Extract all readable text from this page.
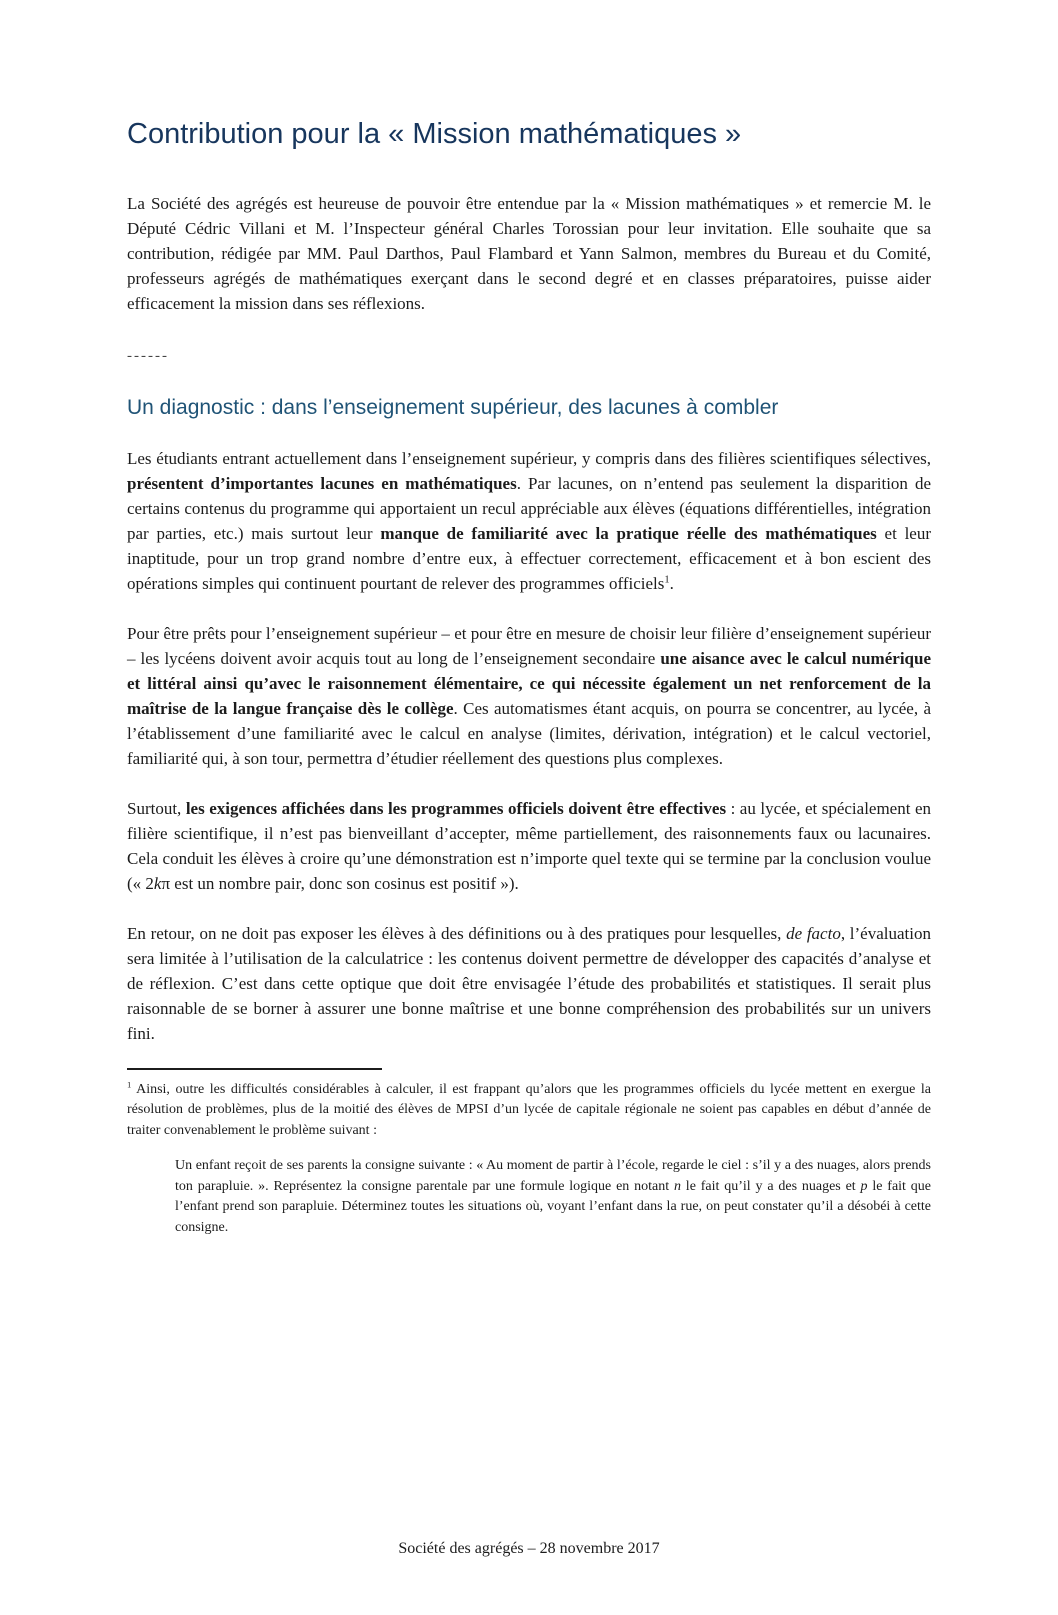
Contribution pour la « Mission mathématiques »

La Société des agrégés est heureuse de pouvoir être entendue par la « Mission mathématiques » et remercie M. le Député Cédric Villani et M. l’Inspecteur général Charles Torossian pour leur invitation. Elle souhaite que sa contribution, rédigée par MM. Paul Darthos, Paul Flambard et Yann Salmon, membres du Bureau et du Comité, professeurs agrégés de mathématiques exerçant dans le second degré et en classes préparatoires, puisse aider efficacement la mission dans ses réflexions.

------
Un diagnostic : dans l’enseignement supérieur, des lacunes à combler

Les étudiants entrant actuellement dans l’enseignement supérieur, y compris dans des filières scientifiques sélectives, présentent d’importantes lacunes en mathématiques. Par lacunes, on n’entend pas seulement la disparition de certains contenus du programme qui apportaient un recul appréciable aux élèves (équations différentielles, intégration par parties, etc.) mais surtout leur manque de familiarité avec la pratique réelle des mathématiques et leur inaptitude, pour un trop grand nombre d’entre eux, à effectuer correctement, efficacement et à bon escient des opérations simples qui continuent pourtant de relever des programmes officiels$^1$.

Pour être prêts pour l’enseignement supérieur – et pour être en mesure de choisir leur filière d’enseignement supérieur – les lycéens doivent avoir acquis tout au long de l’enseignement secondaire une aisance avec le calcul numérique et littéral ainsi qu’avec le raisonnement élémentaire, ce qui nécessite également un net renforcement de la maîtrise de la langue française dès le collège. Ces automatismes étant acquis, on pourra se concentrer, au lycée, à l’établissement d’une familiarité avec le calcul en analyse (limites, dérivation, intégration) et le calcul vectoriel, familiarité qui, à son tour, permettra d’étudier réellement des questions plus complexes.

Surtout, les exigences affichées dans les programmes officiels doivent être effectives : au lycée, et spécialement en filière scientifique, il n’est pas bienveillant d’accepter, même partiellement, des raisonnements faux ou lacunaires. Cela conduit les élèves à croire qu’une démonstration est n’importe quel texte qui se termine par la conclusion voulue (« 2kπ est un nombre pair, donc son cosinus est positif »).

En retour, on ne doit pas exposer les élèves à des définitions ou à des pratiques pour lesquelles, de facto, l’évaluation sera limitée à l’utilisation de la calculatrice : les contenus doivent permettre de développer des capacités d’analyse et de réflexion. C’est dans cette optique que doit être envisagée l’étude des probabilités et statistiques. Il serait plus raisonnable de se borner à assurer une bonne maîtrise et une bonne compréhension des probabilités sur un univers fini.

$^1$ Ainsi, outre les difficultés considérables à calculer, il est frappant qu’alors que les programmes officiels du lycée mettent en exergue la résolution de problèmes, plus de la moitié des élèves de MPSI d’un lycée de capitale régionale ne soient pas capables en début d’année de traiter convenablement le problème suivant :

Un enfant reçoit de ses parents la consigne suivante : « Au moment de partir à l’école, regarde le ciel : s’il y a des nuages, alors prends ton parapluie. ». Représentez la consigne parentale par une formule logique en notant n le fait qu’il y a des nuages et p le fait que l’enfant prend son parapluie. Déterminez toutes les situations où, voyant l’enfant dans la rue, on peut constater qu’il a désobéi à cette consigne.

Société des agrégés – 28 novembre 2017
